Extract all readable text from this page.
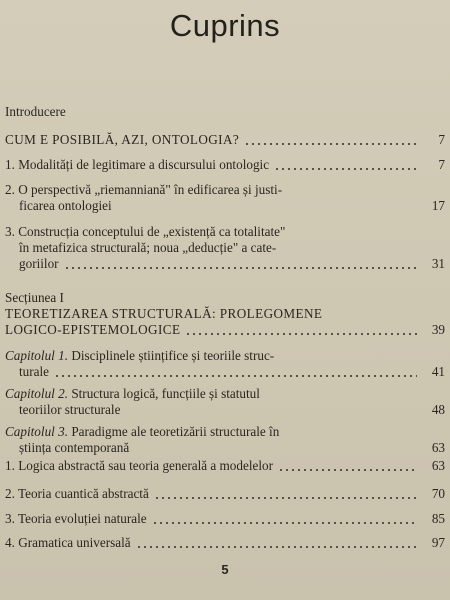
Cuprins
Introducere
CUM E POSIBILĂ, AZI, ONTOLOGIA?	7
1. Modalități de legitimare a discursului ontologic	7
2. O perspectivă „riemanniană" în edificarea și justi-
ficarea ontologiei	17
3. Construcția conceptului de „existență ca totalitate"
în metafizica structurală; noua „deducție" a cate-
goriilor	31
Secțiunea I
TEORETIZAREA STRUCTURALĂ: PROLEGOMENE
LOGICO-EPISTEMOLOGICE	39
Capitolul 1. Disciplinele științifice și teoriile struc-
turale	41
Capitolul 2. Structura logică, funcțiile și statutul
teoriilor structurale	48
Capitolul 3. Paradigme ale teoretizării structurale în
știința contemporană	63
1. Logica abstractă sau teoria generală a modelelor	63
2. Teoria cuantică abstractă	70
3. Teoria evoluției naturale	85
4. Gramatica universală	97
5
